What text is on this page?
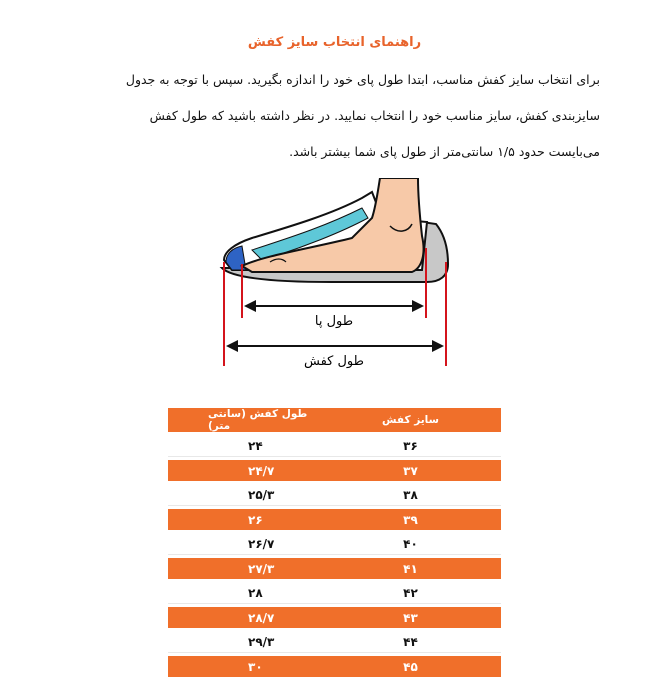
راهنمای انتخاب سایز کفش

برای انتخاب سایز کفش مناسب، ابتدا طول پای خود را اندازه بگیرید. سپس با توجه به جدول

سایزبندی کفش، سایز مناسب خود را انتخاب نمایید. در نظر داشته باشید که طول کفش

می‌بایست حدود ۱/۵ سانتی‌متر از طول پای شما بیشتر باشد.

طول پا
طول کفش
سایز کفش	طول کفش (سانتی متر)
۳۶	۲۴
۳۷	۲۴/۷
۳۸	۲۵/۳
۳۹	۲۶
۴۰	۲۶/۷
۴۱	۲۷/۳
۴۲	۲۸
۴۳	۲۸/۷
۴۴	۲۹/۳
۴۵	۳۰
